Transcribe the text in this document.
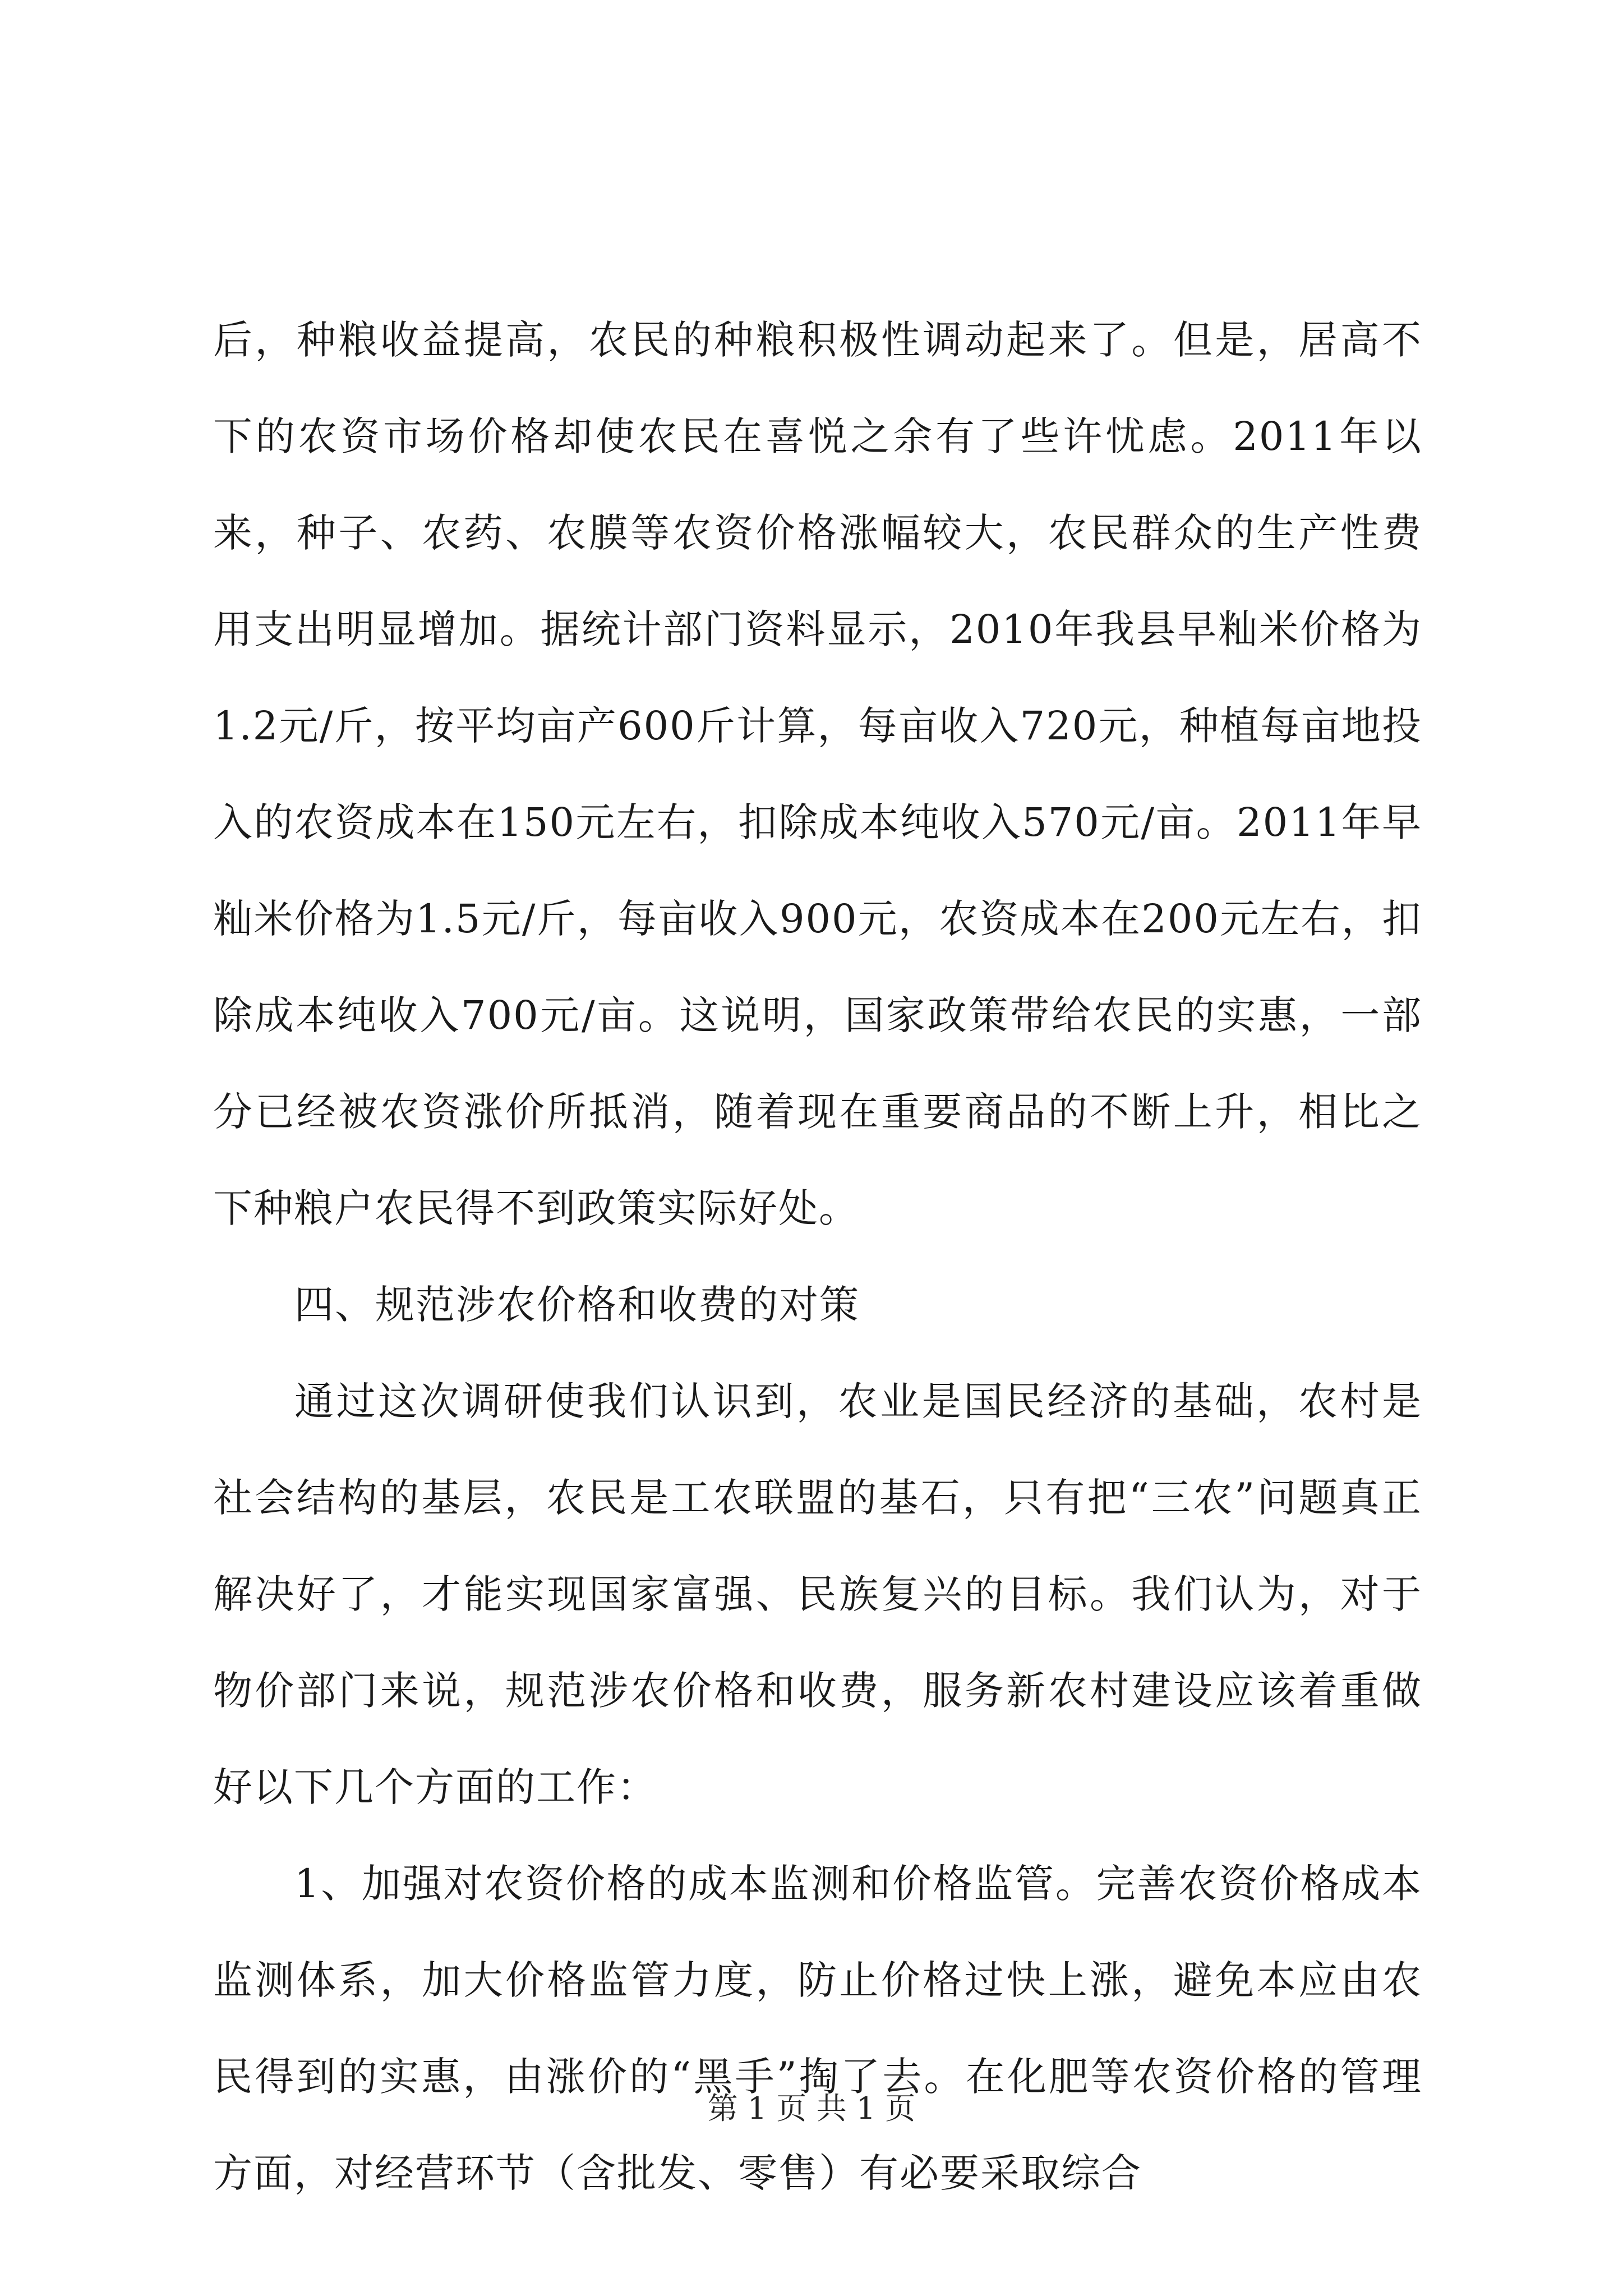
后，种粮收益提高，农民的种粮积极性调动起来了。但是，居高不下的农资市场价格却使农民在喜悦之余有了些许忧虑。2011年以来，种子、农药、农膜等农资价格涨幅较大，农民群众的生产性费用支出明显增加。据统计部门资料显示，2010年我县早籼米价格为1.2元/斤，按平均亩产600斤计算，每亩收入720元，种植每亩地投入的农资成本在150元左右，扣除成本纯收入570元/亩。2011年早籼米价格为1.5元/斤，每亩收入900元，农资成本在200元左右，扣除成本纯收入700元/亩。这说明，国家政策带给农民的实惠，一部分已经被农资涨价所抵消，随着现在重要商品的不断上升，相比之下种粮户农民得不到政策实际好处。

四、规范涉农价格和收费的对策

通过这次调研使我们认识到，农业是国民经济的基础，农村是社会结构的基层，农民是工农联盟的基石，只有把“三农”问题真正解决好了，才能实现国家富强、民族复兴的目标。我们认为，对于物价部门来说，规范涉农价格和收费，服务新农村建设应该着重做好以下几个方面的工作：

1、加强对农资价格的成本监测和价格监管。完善农资价格成本监测体系，加大价格监管力度，防止价格过快上涨，避免本应由农民得到的实惠，由涨价的“黑手”掏了去。在化肥等农资价格的管理方面，对经营环节（含批发、零售）有必要采取综合

第 1 页 共 1 页
